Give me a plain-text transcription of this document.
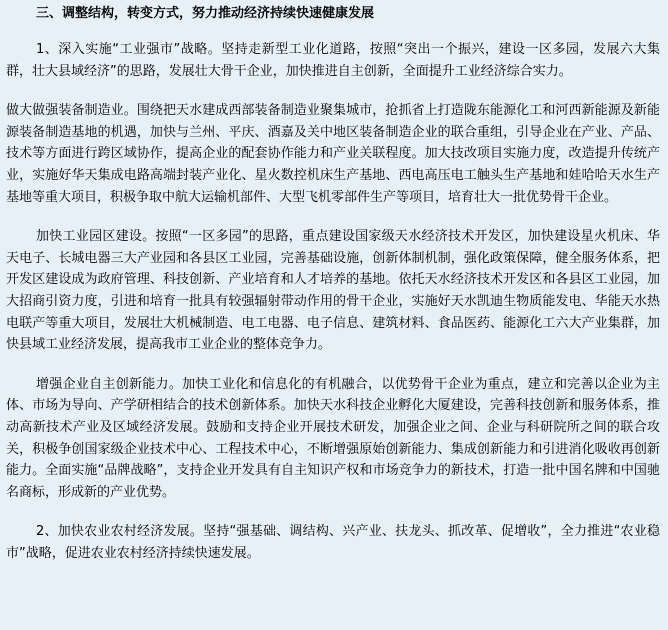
三、调整结构，转变方式，努力推动经济持续快速健康发展

1、深入实施“工业强市”战略。坚持走新型工业化道路，按照“突出一个振兴，建设一区多园，发展六大集群，壮大县域经济”的思路，发展壮大骨干企业，加快推进自主创新，全面提升工业经济综合实力。

做大做强装备制造业。围绕把天水建成西部装备制造业聚集城市，抢抓省上打造陇东能源化工和河西新能源及新能源装备制造基地的机遇，加快与兰州、平庆、酒嘉及关中地区装备制造企业的联合重组，引导企业在产业、产品、技术等方面进行跨区域协作，提高企业的配套协作能力和产业关联程度。加大技改项目实施力度，改造提升传统产业，实施好华天集成电路高端封装产业化、星火数控机床生产基地、西电高压电工触头生产基地和娃哈哈天水生产基地等重大项目，积极争取中航大运输机部件、大型飞机零部件生产等项目，培育壮大一批优势骨干企业。

加快工业园区建设。按照“一区多园”的思路，重点建设国家级天水经济技术开发区，加快建设星火机床、华天电子、长城电器三大产业园和各县区工业园，完善基础设施，创新体制机制，强化政策保障，健全服务体系，把开发区建设成为政府管理、科技创新、产业培育和人才培养的基地。依托天水经济技术开发区和各县区工业园，加大招商引资力度，引进和培育一批具有较强辐射带动作用的骨干企业，实施好天水凯迪生物质能发电、华能天水热电联产等重大项目，发展壮大机械制造、电工电器、电子信息、建筑材料、食品医药、能源化工六大产业集群，加快县域工业经济发展，提高我市工业企业的整体竞争力。

增强企业自主创新能力。加快工业化和信息化的有机融合，以优势骨干企业为重点，建立和完善以企业为主体、市场为导向、产学研相结合的技术创新体系。加快天水科技企业孵化大厦建设，完善科技创新和服务体系，推动高新技术产业及区域经济发展。鼓励和支持企业开展技术研发，加强企业之间、企业与科研院所之间的联合攻关，积极争创国家级企业技术中心、工程技术中心，不断增强原始创新能力、集成创新能力和引进消化吸收再创新能力。全面实施“品牌战略”，支持企业开发具有自主知识产权和市场竞争力的新技术，打造一批中国名牌和中国驰名商标，形成新的产业优势。

2、加快农业农村经济发展。坚持“强基础、调结构、兴产业、扶龙头、抓改革、促增收”，全力推进“农业稳市”战略，促进农业农村经济持续快速发展。
